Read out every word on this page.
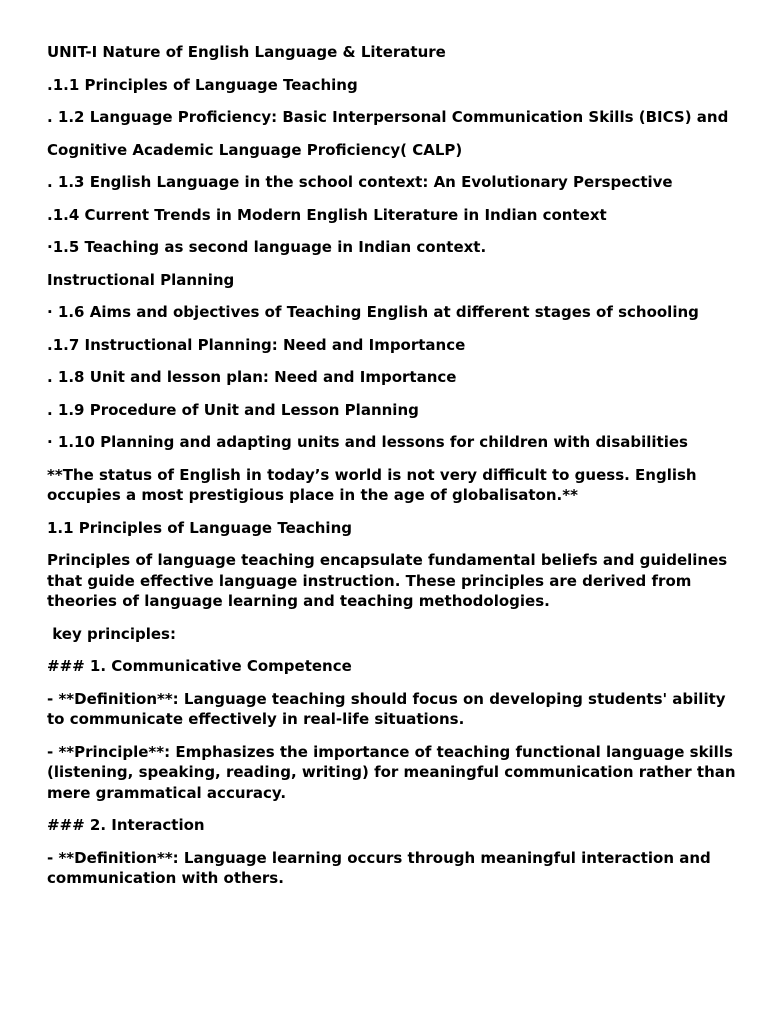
UNIT-I Nature of English Language & Literature

.1.1 Principles of Language Teaching

. 1.2 Language Proficiency: Basic Interpersonal Communication Skills (BICS) and

Cognitive Academic Language Proficiency( CALP)

. 1.3 English Language in the school context: An Evolutionary Perspective

.1.4 Current Trends in Modern English Literature in Indian context

·1.5 Teaching as second language in Indian context.

Instructional Planning

· 1.6 Aims and objectives of Teaching English at different stages of schooling

.1.7 Instructional Planning: Need and Importance

. 1.8 Unit and lesson plan: Need and Importance

. 1.9 Procedure of Unit and Lesson Planning

· 1.10 Planning and adapting units and lessons for children with disabilities

**The status of English in today’s world is not very difficult to guess. English occupies a most prestigious place in the age of globalisaton.**

1.1 Principles of Language Teaching

Principles of language teaching encapsulate fundamental beliefs and guidelines that guide effective language instruction. These principles are derived from theories of language learning and teaching methodologies.

key principles:

### 1. Communicative Competence

- **Definition**: Language teaching should focus on developing students' ability to communicate effectively in real-life situations.

- **Principle**: Emphasizes the importance of teaching functional language skills (listening, speaking, reading, writing) for meaningful communication rather than mere grammatical accuracy.

### 2. Interaction

- **Definition**: Language learning occurs through meaningful interaction and communication with others.
